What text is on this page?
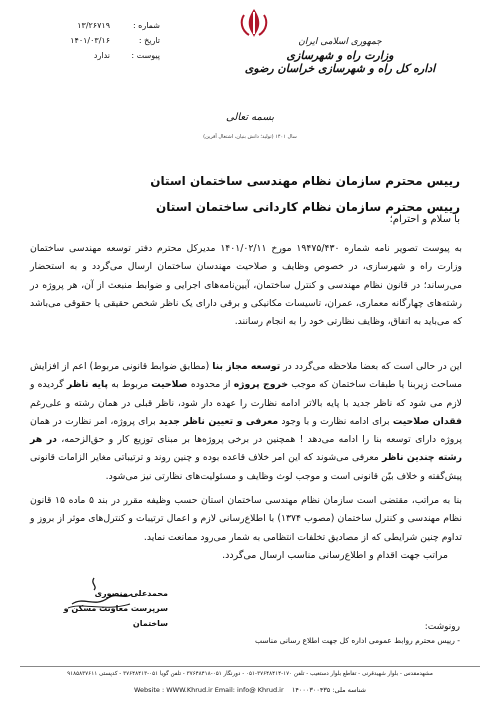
۱۳/۲۶۷۱۹	شماره :
۱۴۰۱/۰۳/۱۶	تاریخ :
ندارد	پیوست :
جمهوری اسلامی ایران
وزارت راه و شهرسازی
اداره کل راه و شهرسازی خراسان رضوی
بسمه تعالی
سال ۱۴۰۱ (تولید؛ دانش بنیان، اشتغال آفرین)
رییس محترم سازمان نظام مهندسی ساختمان استان
رییس محترم سازمان نظام کاردانی ساختمان استان
با سلام و احترام؛
به پیوست تصویر نامه شماره ۱۹۴۷۵/۴۳۰ مورخ ۱۴۰۱/۰۲/۱۱ مدیرکل محترم دفتر توسعه مهندسی ساختمان وزارت راه و شهرسازی، در خصوص وظایف و صلاحیت مهندسان ساختمان ارسال می‌گردد و به استحضار می‌رساند؛ در قانون نظام مهندسی و کنترل ساختمان، آیین‌نامه‌های اجرایی و ضوابط منبعث از آن، هر پروژه در رشته‌های چهارگانه معماری، عمران، تاسیسات مکانیکی و برقی دارای یک ناظر شخص حقیقی یا حقوقی می‌باشد که می‌باید به اتفاق، وظایف نظارتی خود را به انجام رسانند.
این در حالی است که بعضا ملاحظه می‌گردد در توسعه مجاز بنا (مطابق ضوابط قانونی مربوط) اعم از افزایش مساحت زیربنا یا طبقات ساختمان که موجب خروج پروژه از محدوده صلاحیت مربوط به پایه ناظر گردیده و لازم می شود که ناظر جدید با پایه بالاتر ادامه نظارت را عهده دار شود، ناظر قبلی در همان رشته و علی‌رغم فقدان صلاحیت برای ادامه نظارت و با وجود معرفی و تعیین ناظر جدید برای پروژه، امر نظارت در همان پروژه دارای توسعه بنا را ادامه می‌دهد ! همچنین در برخی پروژه‌ها بر مبنای توزیع کار و حق‌الزحمه، در هر رشته چندین ناظر معرفی می‌شوند که این امر خلاف قاعده بوده و چنین روند و ترتیباتی مغایر الزامات قانونی پیش‌گفته و خلاف بیّن قانونی است و موجب لوث وظایف و مسئولیت‌های نظارتی نیز می‌شود.
بنا به مراتب، مقتضی است سازمان نظام مهندسی ساختمان استان حسب وظیفه مقرر در بند ۵ ماده ۱۵ قانون نظام مهندسی و کنترل ساختمان (مصوب ۱۳۷۴) با اطلاع‌رسانی لازم و اعمال ترتیبات و کنترل‌های موثر از بروز و تداوم چنین شرایطی که از مصادیق تخلفات انتظامی به شمار می‌رود ممانعت نماید.
مراتب جهت اقدام و اطلاع‌رسانی مناسب ارسال می‌گردد.
محمدعلی منصوری
سرپرست معاونت مسکن و ساختمان	رونوشت:
- رییس محترم روابط عمومی اداره کل جهت اطلاع رسانی مناسب
مشهدمقدس - بلوار شهیدقرنی - تقاطع بلوار دستغیب - تلفن ۱۷۰-۳۷۶۴۸۴۱۴-۰۵۱ - دورنگار ۰۵۱-۳۷۶۴۸۴۱۸ - تلفن گویا ۰۵۱-۳۷۶۴۸۴۱۳ - کدپستی ۹۱۸۵۸۳۷۶۱۱
Website : WWW.Khrud.ir Email: info@ Khrud.ir شناسه ملی: ۱۴۰۰۰۳۰۰۴۳۵
